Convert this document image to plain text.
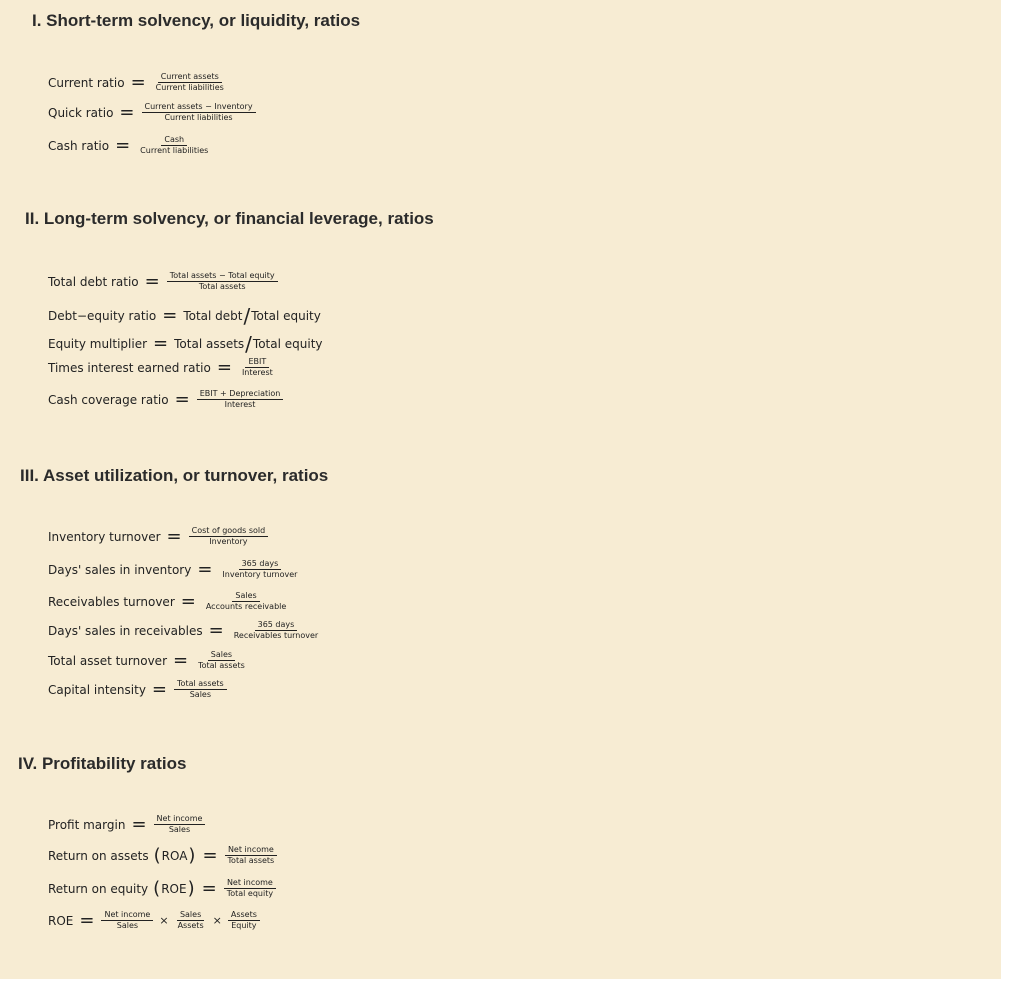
I. Short-term solvency, or liquidity, ratios
Current ratio = $\frac{\text{Current assets}}{\text{Current liabilities}}$
Quick ratio = $\frac{\text{Current assets − Inventory}}{\text{Current liabilities}}$
Cash ratio = $\frac{\text{Cash}}{\text{Current liabilities}}$
II. Long-term solvency, or financial leverage, ratios
Total debt ratio = $\frac{\text{Total assets − Total equity}}{\text{Total assets}}$
Debt−equity ratio = Total debt / Total equity
Equity multiplier = Total assets / Total equity
Times interest earned ratio = $\frac{\text{EBIT}}{\text{Interest}}$
Cash coverage ratio = $\frac{\text{EBIT + Depreciation}}{\text{Interest}}$
III. Asset utilization, or turnover, ratios
Inventory turnover = $\frac{\text{Cost of goods sold}}{\text{Inventory}}$
Days' sales in inventory = $\frac{\text{365 days}}{\text{Inventory turnover}}$
Receivables turnover = $\frac{\text{Sales}}{\text{Accounts receivable}}$
Days' sales in receivables = $\frac{\text{365 days}}{\text{Receivables turnover}}$
Total asset turnover = $\frac{\text{Sales}}{\text{Total assets}}$
Capital intensity = $\frac{\text{Total assets}}{\text{Sales}}$
IV. Profitability ratios
Profit margin = $\frac{\text{Net income}}{\text{Sales}}$
Return on assets ( ROA ) = $\frac{\text{Net income}}{\text{Total assets}}$
Return on equity ( ROE ) = $\frac{\text{Net income}}{\text{Total equity}}$
ROE = $\frac{\text{Net income}}{\text{Sales}} \times \frac{\text{Sales}}{\text{Assets}} \times \frac{\text{Assets}}{\text{Equity}}$
